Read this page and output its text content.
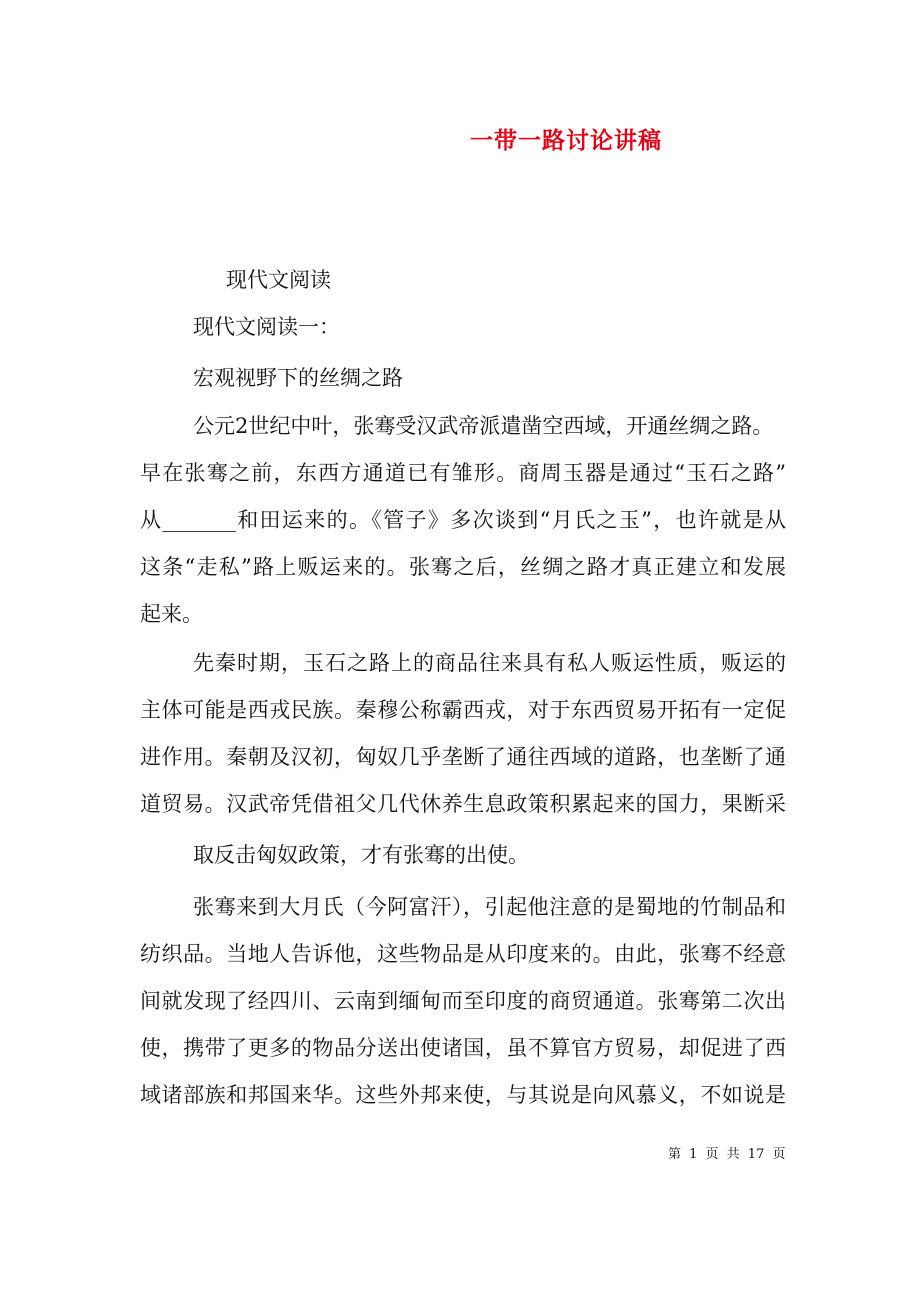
一带一路讨论讲稿
现代文阅读
现代文阅读一：
宏观视野下的丝绸之路
公元2世纪中叶，张骞受汉武帝派遣凿空西域，开通丝绸之路。
早在张骞之前，东西方通道已有雏形。商周玉器是通过“玉石之路”
从_______和田运来的。《管子》多次谈到“月氏之玉”，也许就是从
这条“走私”路上贩运来的。张骞之后，丝绸之路才真正建立和发展
起来。
先秦时期，玉石之路上的商品往来具有私人贩运性质，贩运的
主体可能是西戎民族。秦穆公称霸西戎，对于东西贸易开拓有一定促
进作用。秦朝及汉初，匈奴几乎垄断了通往西域的道路，也垄断了通
道贸易。汉武帝凭借祖父几代休养生息政策积累起来的国力，果断采
取反击匈奴政策，才有张骞的出使。
张骞来到大月氏（今阿富汗），引起他注意的是蜀地的竹制品和
纺织品。当地人告诉他，这些物品是从印度来的。由此，张骞不经意
间就发现了经四川、云南到缅甸而至印度的商贸通道。张骞第二次出
使，携带了更多的物品分送出使诸国，虽不算官方贸易，却促进了西
域诸部族和邦国来华。这些外邦来使，与其说是向风慕义，不如说是
第 1 页 共 17 页
